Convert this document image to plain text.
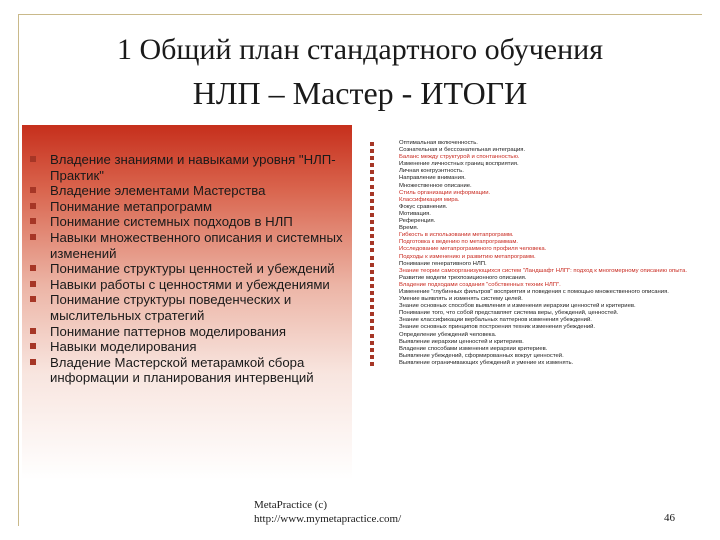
1 Общий план стандартного обучения
НЛП – Мастер - ИТОГИ
Владение знаниями и навыками уровня "НЛП-Практик"
Владение элементами Мастерства
Понимание метапрограмм
Понимание системных подходов в НЛП
Навыки множественного описания и системных изменений
Понимание структуры ценностей и убеждений
Навыки работы с ценностями и убеждениями
Понимание структуры поведенческих и мыслительных стратегий
Понимание паттернов моделирования
Навыки моделирования
Владение Мастерской метарамкой сбора информации и планирования интервенций
Оптимальная включенность.
Сознательная и бессознательная интеграция.
Баланс между структурой и спонтанностью.
Изменение личностных границ восприятия.
Личная конгруэнтность.
Направление внимания.
Множественное описание.
Стиль организации информации.
Классификация мира.
Фокус сравнения.
Мотивация.
Референция.
Время.
Гибкость в использовании метапрограмм.
Подготовка к ведению по метапрограммам.
Исследование метапрограммного профиля человека.
Подходы к изменению и развитию метапрограмм.
Понимание генеративного НЛП.
Знание теории самоорганизующихся систем "Ландшафт НЛП": подход к многомерному описанию опыта.
Развитие модели трехпозиционного описания.
Владение подходами создания "собственных техник НЛП".
Изменение "глубинных фильтров" восприятия и поведения с помощью множественного описания.
Умение выявлять и изменять систему целей.
Знание основных способов выявления и изменения иерархии ценностей и критериев.
Понимание того, что собой представляет система веры, убеждений, ценностей.
Знание классификации вербальных паттернов изменения убеждений.
Знание основных принципов построения техник изменения убеждений.
Определение убеждений человека.
Выявление иерархии ценностей и критериев.
Владение способами изменения иерархии критериев.
Выявление убеждений, сформированных вокруг ценностей.
Выявление ограничивающих убеждений и умение их изменять.
MetaPractice (c)
http://www.mymetapractice.com/	46
